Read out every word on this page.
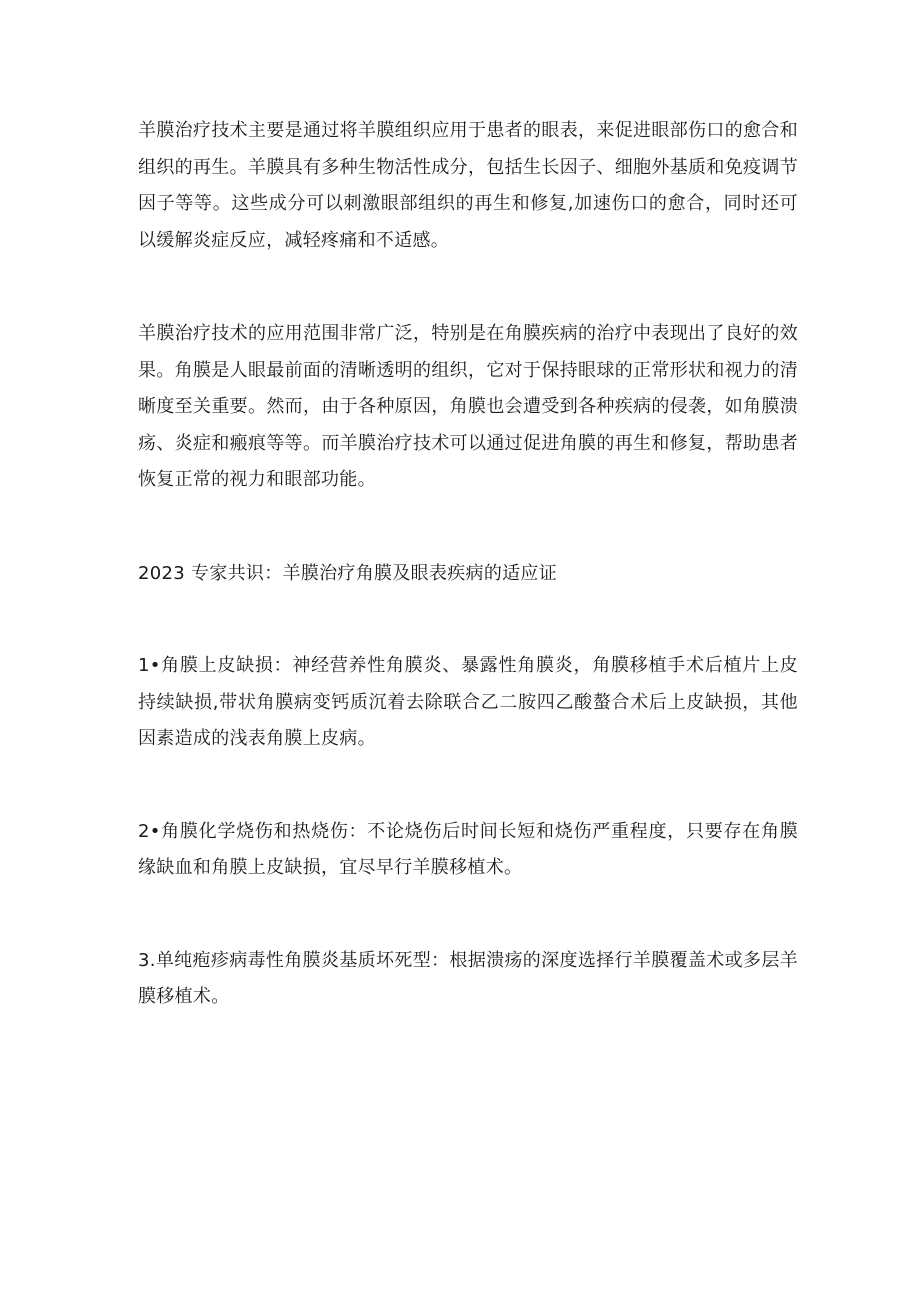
羊膜治疗技术主要是通过将羊膜组织应用于患者的眼表，来促进眼部伤口的愈合和组织的再生。羊膜具有多种生物活性成分，包括生长因子、细胞外基质和免疫调节因子等等。这些成分可以刺激眼部组织的再生和修复,加速伤口的愈合，同时还可以缓解炎症反应，减轻疼痛和不适感。

羊膜治疗技术的应用范围非常广泛，特别是在角膜疾病的治疗中表现出了良好的效果。角膜是人眼最前面的清晰透明的组织，它对于保持眼球的正常形状和视力的清晰度至关重要。然而，由于各种原因，角膜也会遭受到各种疾病的侵袭，如角膜溃疡、炎症和瘢痕等等。而羊膜治疗技术可以通过促进角膜的再生和修复，帮助患者恢复正常的视力和眼部功能。

2023 专家共识：羊膜治疗角膜及眼表疾病的适应证

1•角膜上皮缺损：神经营养性角膜炎、暴露性角膜炎，角膜移植手术后植片上皮持续缺损,带状角膜病变钙质沉着去除联合乙二胺四乙酸螯合术后上皮缺损，其他因素造成的浅表角膜上皮病。

2•角膜化学烧伤和热烧伤：不论烧伤后时间长短和烧伤严重程度，只要存在角膜缘缺血和角膜上皮缺损，宜尽早行羊膜移植术。

3.单纯疱疹病毒性角膜炎基质坏死型：根据溃疡的深度选择行羊膜覆盖术或多层羊膜移植术。
